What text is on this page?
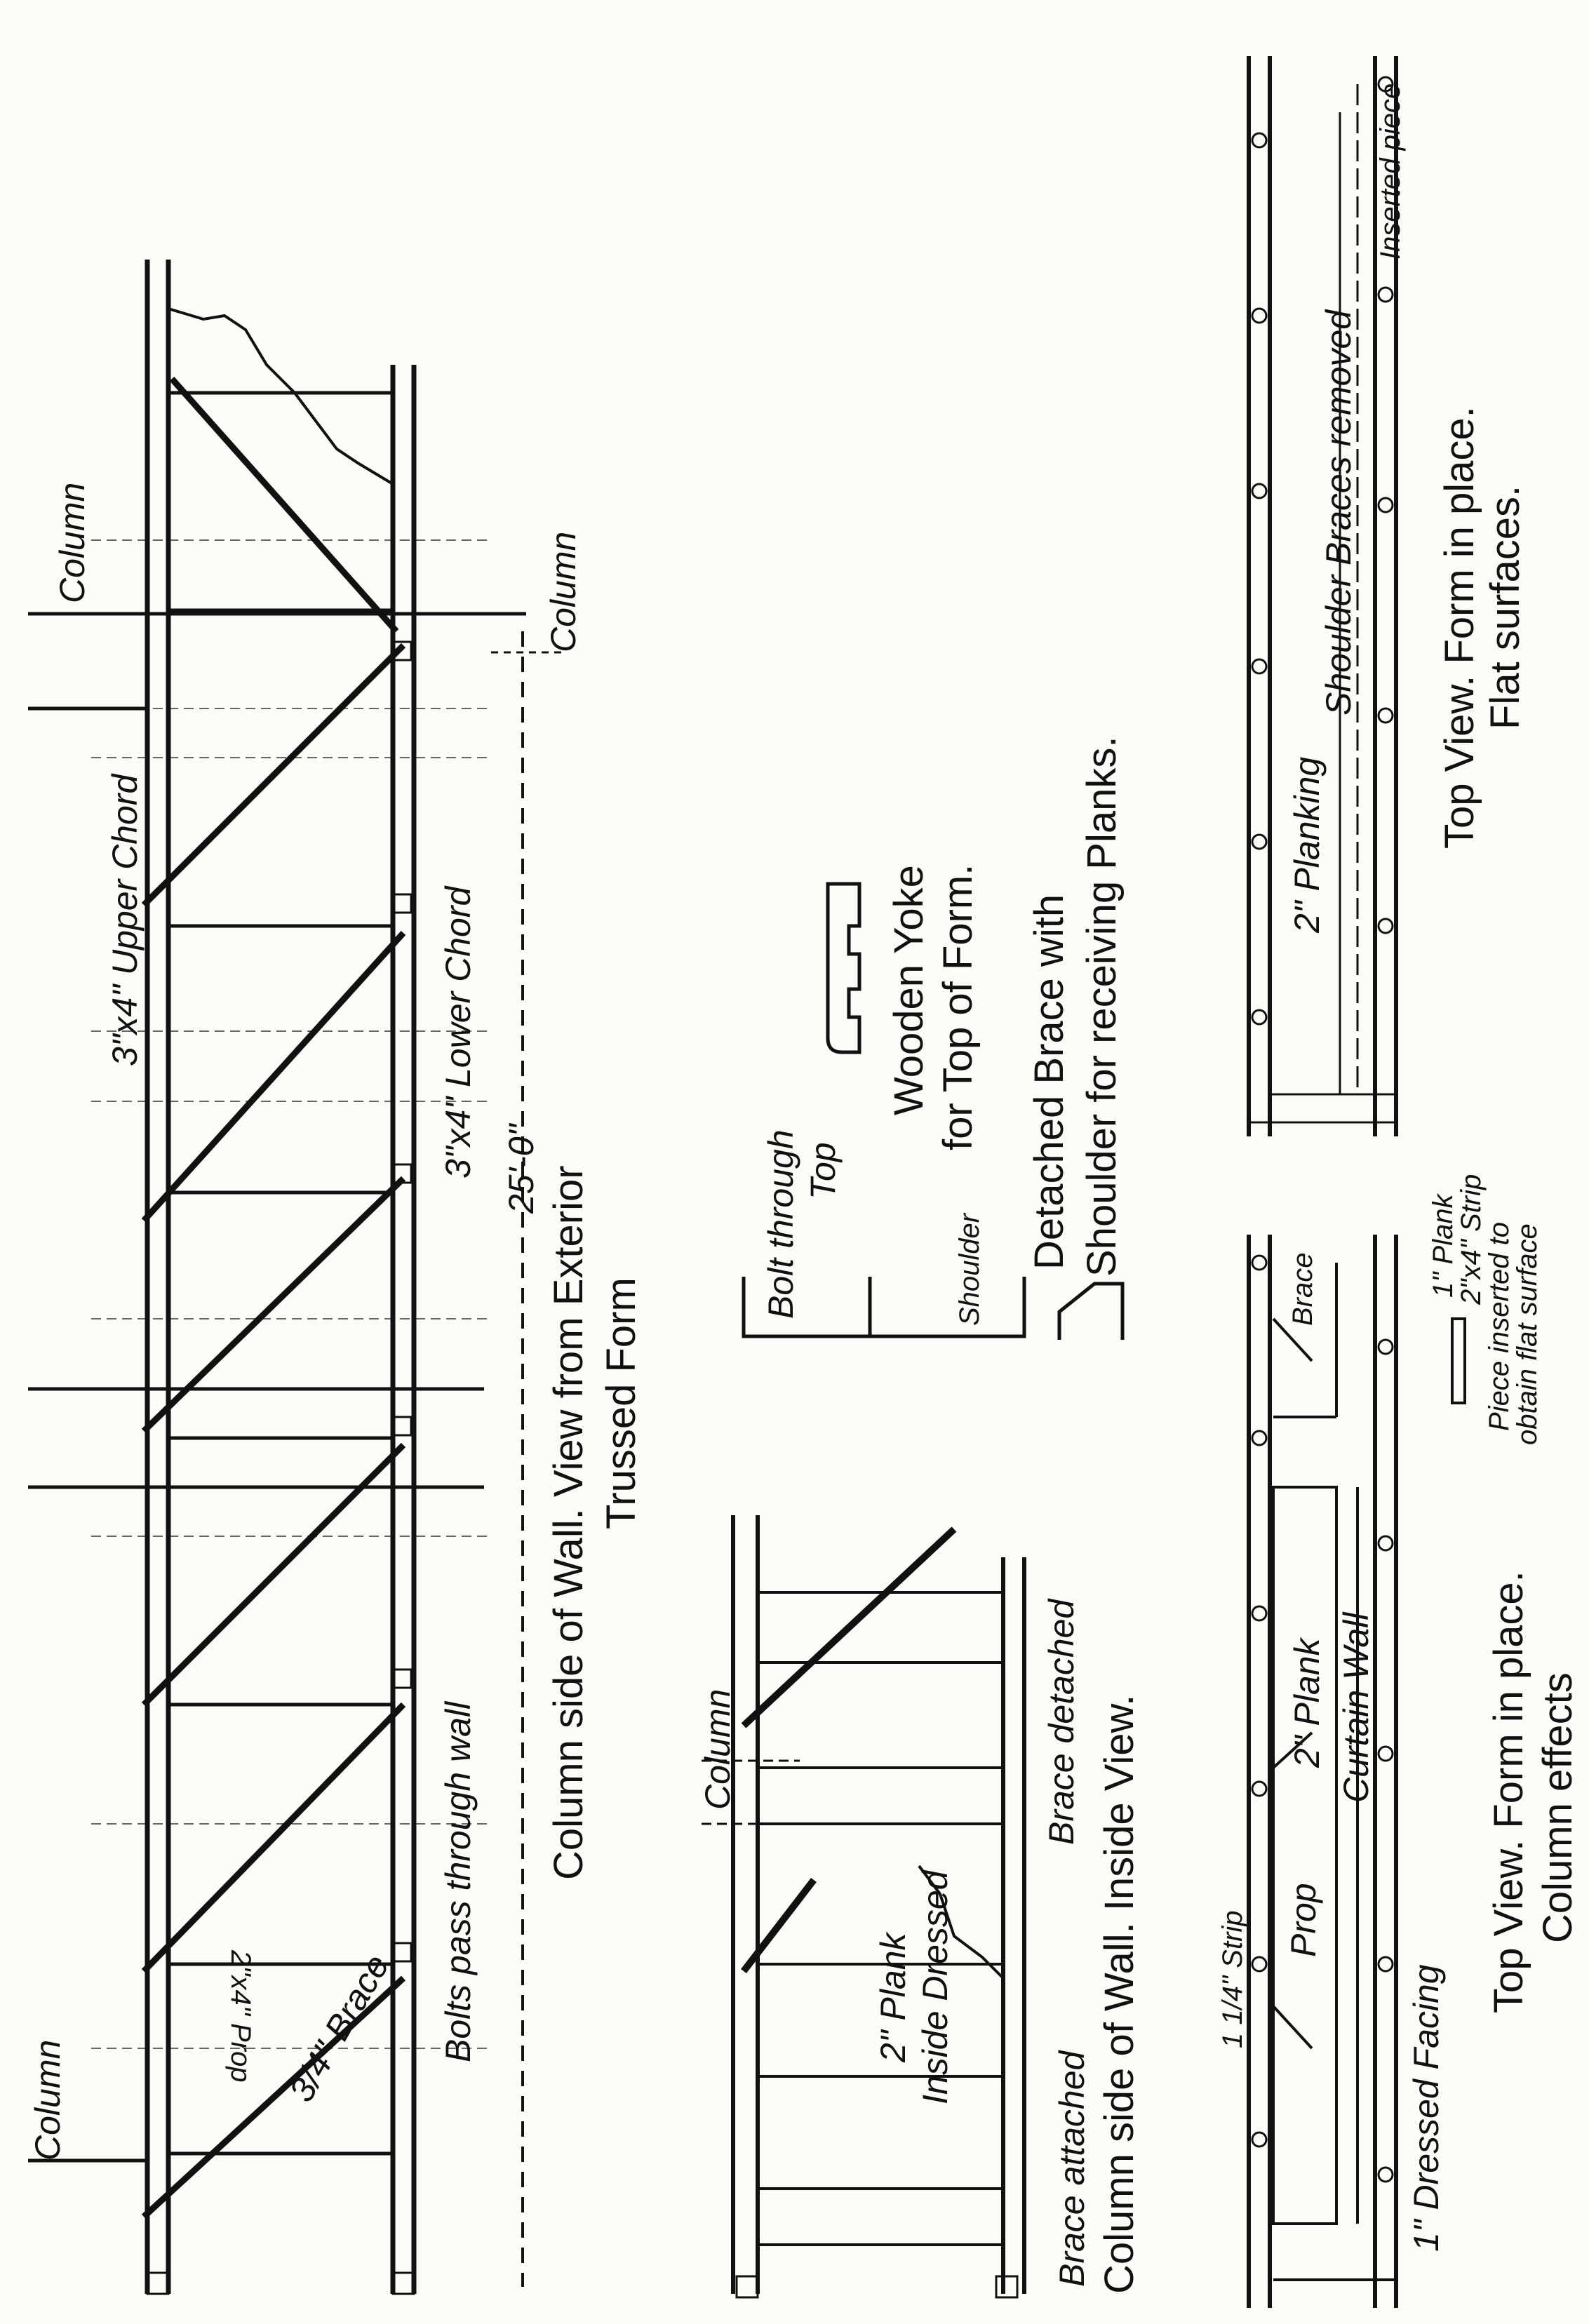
Column	Column
Column
3"x4" Upper Chord	3"x4" Lower Chord 25'-0"
2"x4" Prop 3/4" Brace Bolts pass through wall
Column side of Wall. View from Exterior Trussed Form
Column
Brace attached
Brace detached
2" Plank Inside Dressed	Column side of Wall. Inside View.
Bolt through Top
Shoulder
Wooden Yoke for Top of Form. Detached Brace with Shoulder for receiving Planks.
Brace	1" Plank
2"x4" Strip
Piece inserted to
obtain flat surface
2" Plank Curtain Wall
Prop
1 1/4" Strip	1" Dressed Facing
Top View. Form in place. Column effects
Inserted piece
Shoulder Braces removed
2" Planking	Top View. Form in place. Flat surfaces.
